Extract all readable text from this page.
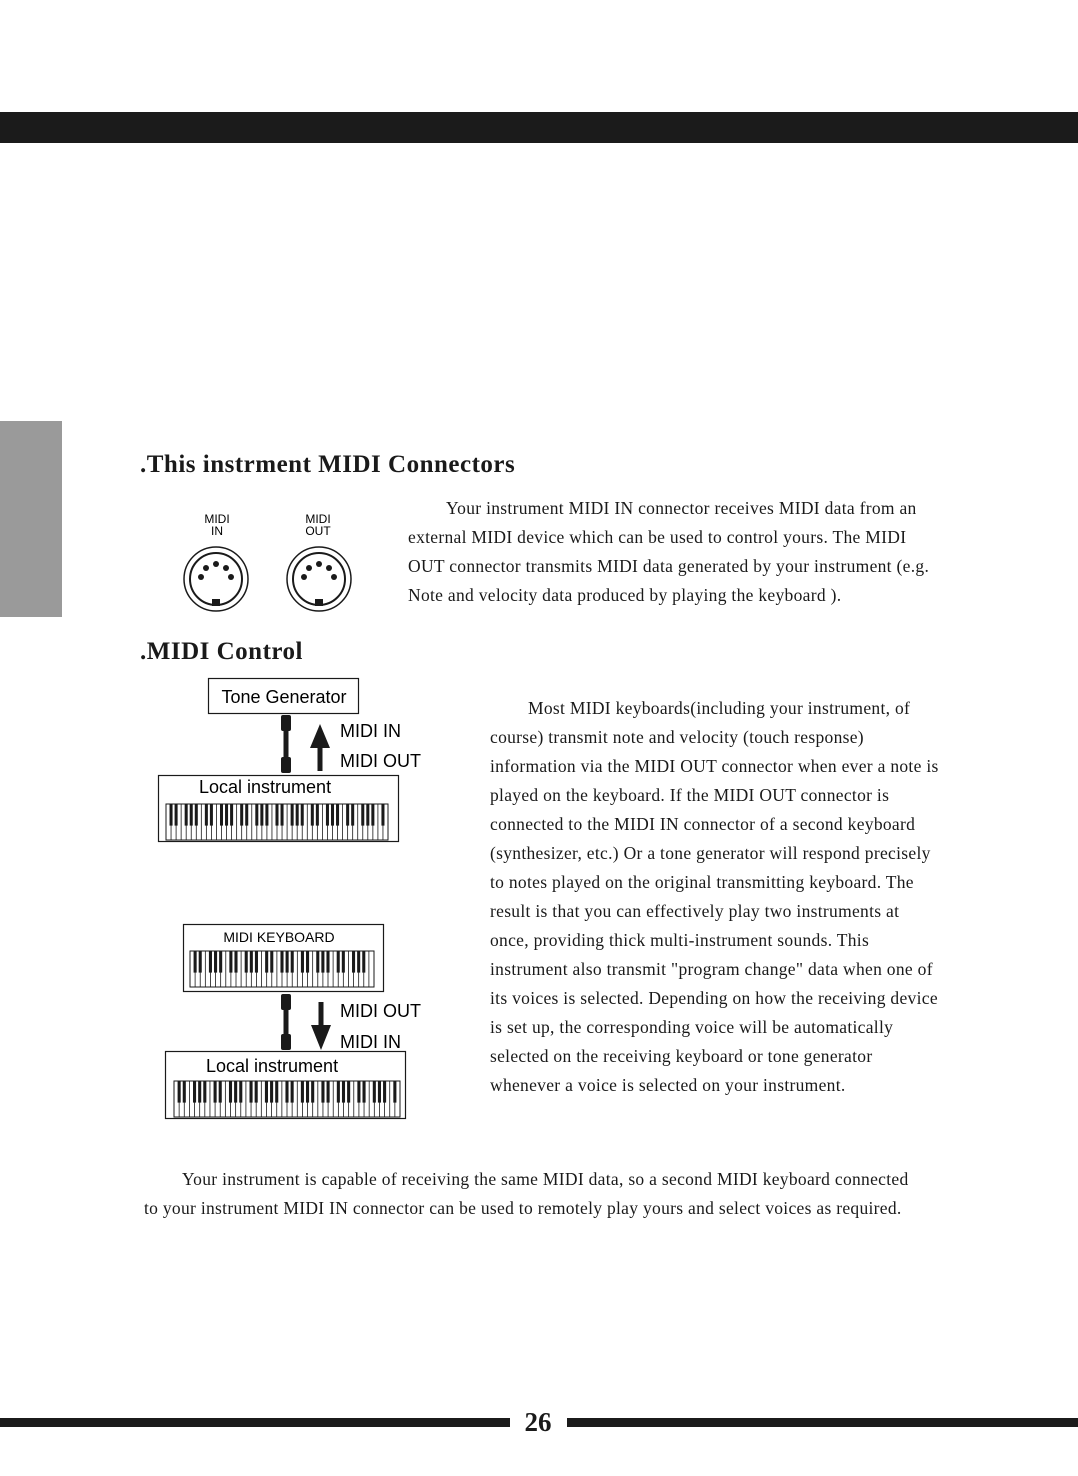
.This instrment MIDI Connectors
MIDI
IN
MIDI
OUT

Your instrument MIDI IN connector receives MIDI data from an external MIDI device which can be used to control yours. The MIDI OUT connector transmits MIDI data generated by your instrument (e.g. Note and velocity data produced by playing the keyboard ).

.MIDI Control
Tone Generator
MIDI IN
MIDI OUT
Local instrument
MIDI KEYBOARD
MIDI OUT
MIDI IN
Local instrument

Most MIDI keyboards(including your instrument, of course) transmit note and velocity (touch response) information via the MIDI OUT connector when ever a note is played on the keyboard. If the MIDI OUT connector is connected to the MIDI IN connector of a second keyboard (synthesizer, etc.) Or a tone generator will respond precisely to notes played on the original transmitting keyboard. The result is that you can effectively play two instruments at once, providing thick multi-instrument sounds. This instrument also transmit "program change" data when one of its voices is selected. Depending on how the receiving device is set up, the corresponding voice will be automatically selected on the receiving keyboard or tone generator whenever a voice is selected on your instrument.

Your instrument is capable of receiving the same MIDI data, so a second MIDI keyboard connected to your instrument MIDI IN connector can be used to remotely play yours and select voices as required.

26
